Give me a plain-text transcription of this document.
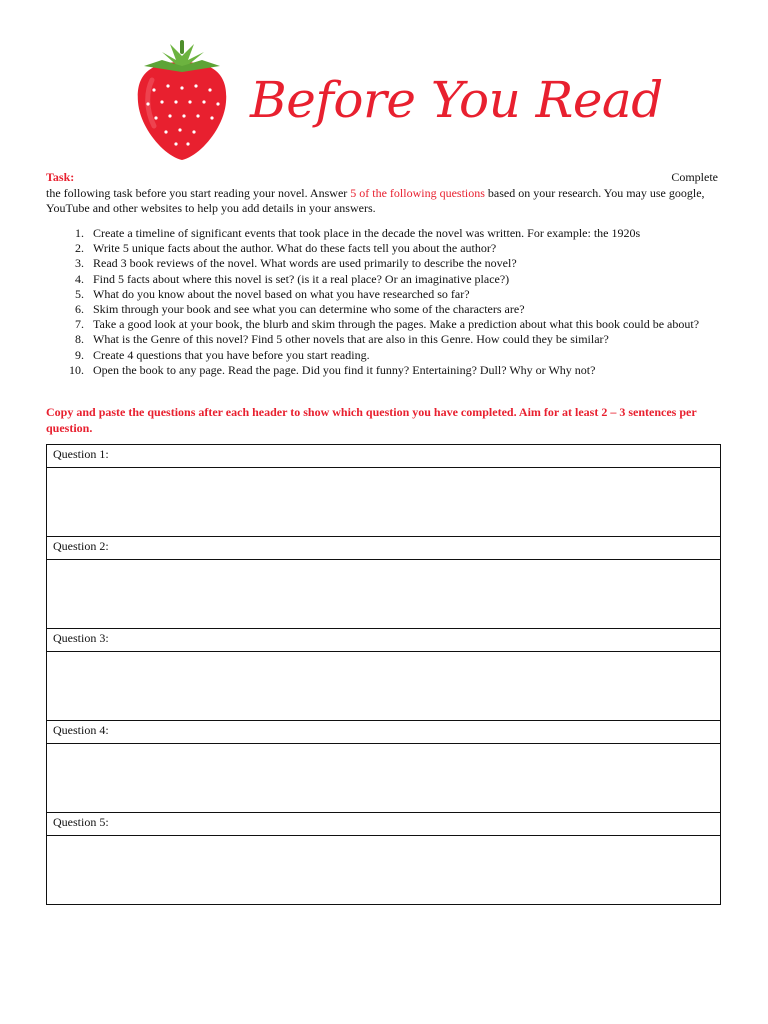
Before You Read
Task:	Complete

the following task before you start reading your novel. Answer 5 of the following questions based on your research. You may use google, YouTube and other websites to help you add details in your answers.
1. Create a timeline of significant events that took place in the decade the novel was written. For example: the 1920s
2. Write 5 unique facts about the author. What do these facts tell you about the author?
3. Read 3 book reviews of the novel. What words are used primarily to describe the novel?
4. Find 5 facts about where this novel is set? (is it a real place? Or an imaginative place?)
5. What do you know about the novel based on what you have researched so far?
6. Skim through your book and see what you can determine who some of the characters are?
7. Take a good look at your book, the blurb and skim through the pages. Make a prediction about what this book could be about?
8. What is the Genre of this novel? Find 5 other novels that are also in this Genre. How could they be similar?
9. Create 4 questions that you have before you start reading.
10. Open the book to any page. Read the page. Did you find it funny? Entertaining? Dull? Why or Why not?
Copy and paste the questions after each header to show which question you have completed. Aim for at least 2 – 3 sentences per question.
Question 1:

Question 2:

Question 3:

Question 4:

Question 5:
